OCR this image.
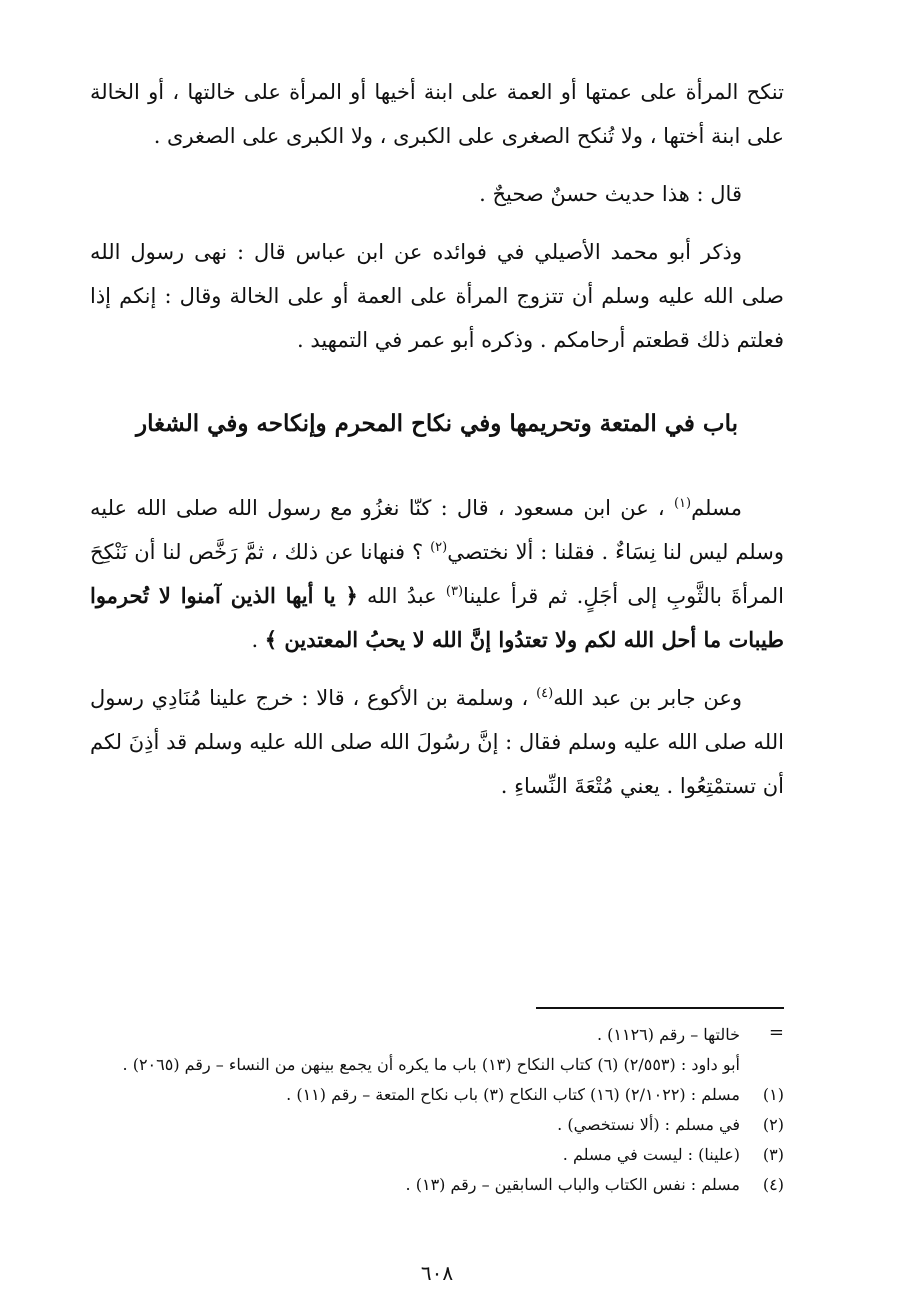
تنكح المرأة على عمتها أو العمة على ابنة أخيها أو المرأة على خالتها ، أو الخالة على ابنة أختها ، ولا تُنكح الصغرى على الكبرى ، ولا الكبرى على الصغرى .

قال : هذا حديث حسنٌ صحيحٌ .

وذكر أبو محمد الأصيلي في فوائده عن ابن عباس قال : نهى رسول الله صلى الله عليه وسلم أن تتزوج المرأة على العمة أو على الخالة وقال : إنكم إذا فعلتم ذلك قطعتم أرحامكم . وذكره أبو عمر في التمهيد .

باب في المتعة وتحريمها وفي نكاح المحرم وإنكاحه وفي الشغار

مسلم$^{(١)}$ ، عن ابن مسعود ، قال : كنّا نغزُو مع رسول الله صلى الله عليه وسلم ليس لنا نِسَاءٌ . فقلنا : ألا نختصي$^{(٢)}$ ؟ فنهانا عن ذلك ، ثمَّ رَخَّص لنا أن نَنْكِحَ المرأةَ بالثَّوبِ إلى أجَلٍ. ثم قرأ علينا$^{(٣)}$ عبدُ الله ﴿ يا أيها الذين آمنوا لا تُحرموا طيبات ما أحل الله لكم ولا تعتدُوا إنَّ الله لا يحبُ المعتدين ﴾ .

وعن جابر بن عبد الله$^{(٤)}$ ، وسلمة بن الأكوع ، قالا : خرج علينا مُنَادِي رسول الله صلى الله عليه وسلم فقال : إنَّ رسُولَ الله صلى الله عليه وسلم قد أذِنَ لكم أن تستمْتِعُوا . يعني مُتْعَةَ النِّساءِ .

خالتها – رقم (١١٢٦) .
أبو داود : (٢/٥٥٣) (٦) كتاب النكاح (١٣) باب ما يكره أن يجمع بينهن من النساء – رقم (٢٠٦٥) .
(١)
مسلم : (٢/١٠٢٢) (١٦) كتاب النكاح (٣) باب نكاح المتعة – رقم (١١) .
(٢)
في مسلم : (ألا نستخصي) .
(٣)
(علينا) : ليست في مسلم .
(٤)
مسلم : نفس الكتاب والباب السابقين – رقم (١٣) .
=
٦٠٨
